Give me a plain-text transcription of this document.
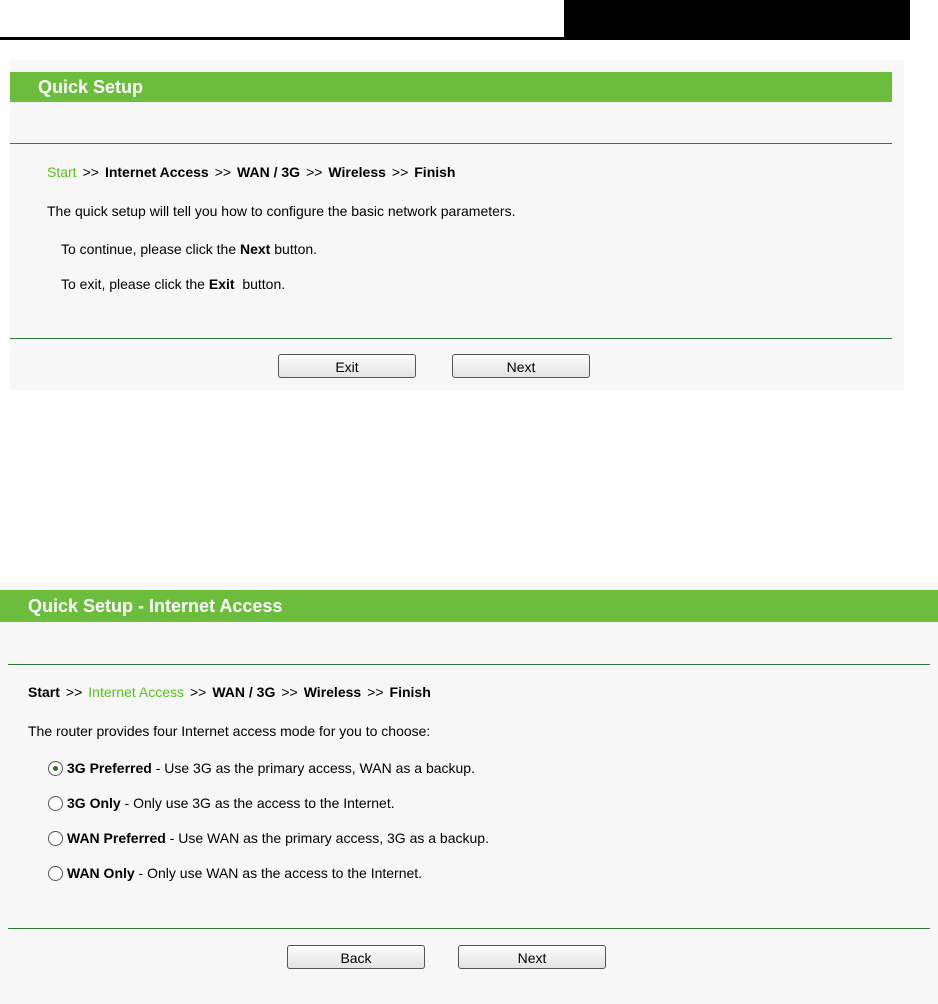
Quick Setup
Start >> Internet Access >> WAN / 3G >> Wireless >> Finish
The quick setup will tell you how to configure the basic network parameters.
To continue, please click the Next button.
To exit, please click the Exit  button.
Exit	Next
Quick Setup - Internet Access
Start >> Internet Access >> WAN / 3G >> Wireless >> Finish
The router provides four Internet access mode for you to choose:
3G Preferred - Use 3G as the primary access, WAN as a backup.
3G Only - Only use 3G as the access to the Internet.
WAN Preferred - Use WAN as the primary access, 3G as a backup.
WAN Only - Only use WAN as the access to the Internet.
Back	Next
